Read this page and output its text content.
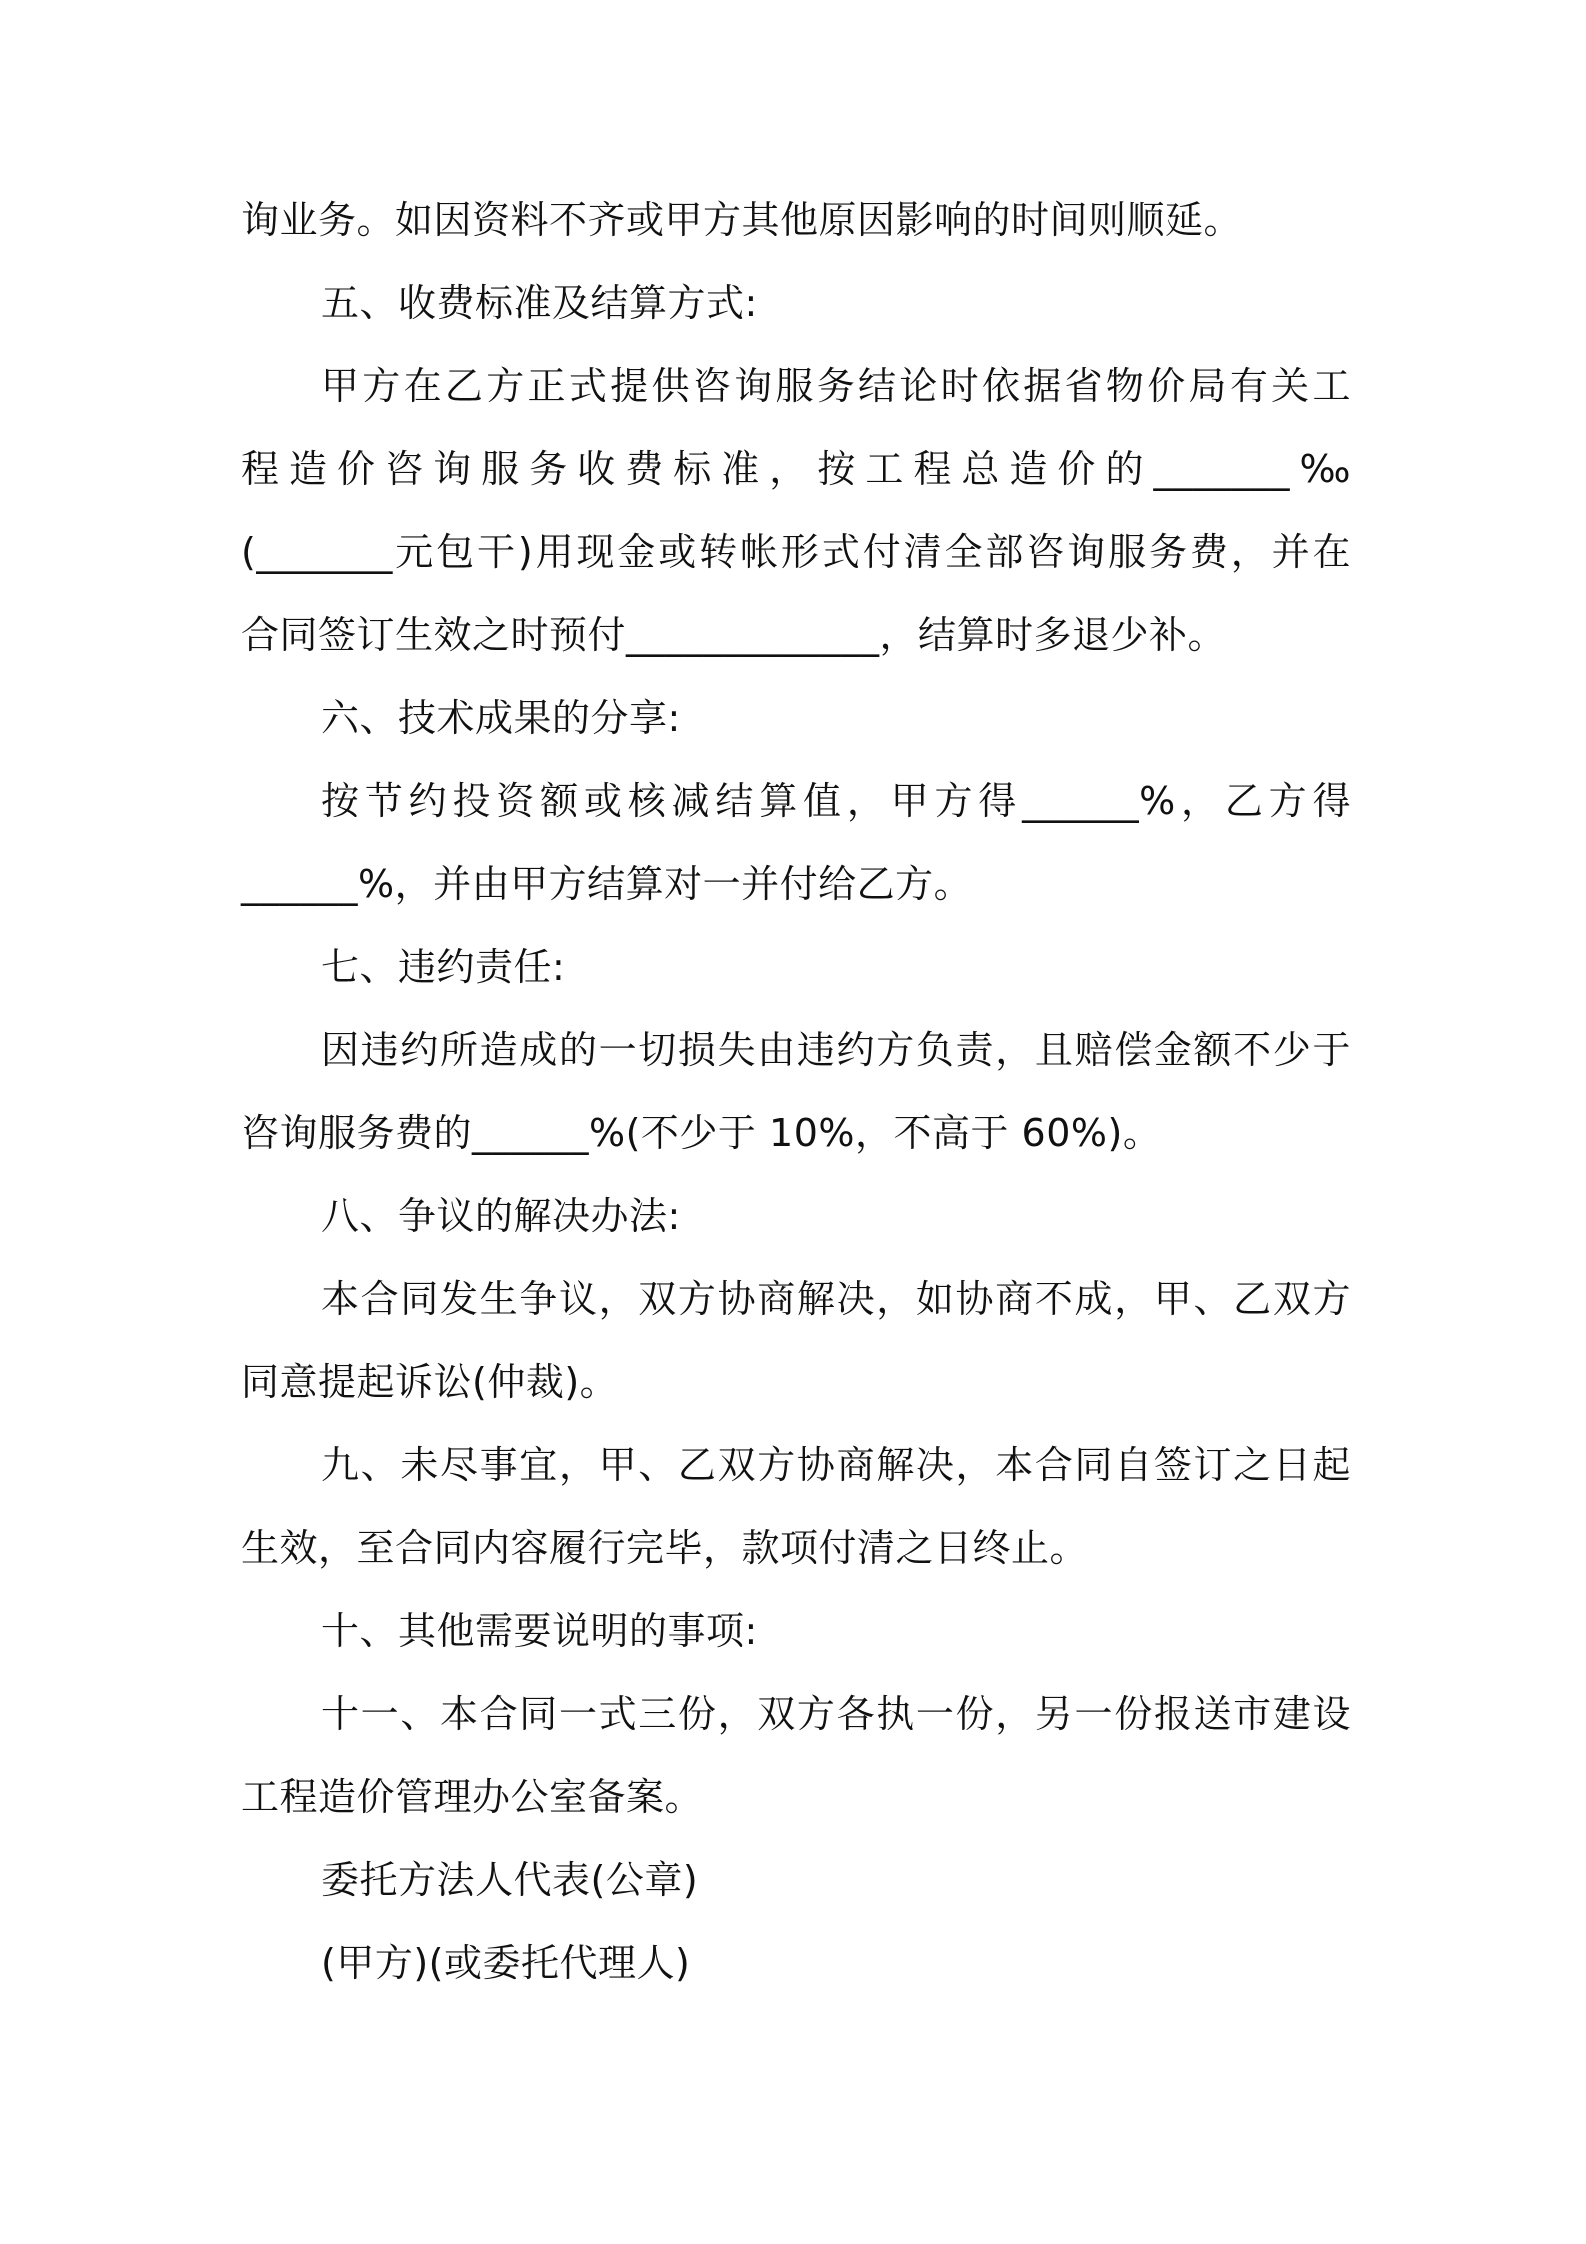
询业务。如因资料不齐或甲方其他原因影响的时间则顺延。
五、收费标准及结算方式:
甲方在乙方正式提供咨询服务结论时依据省物价局有关工
程造价咨询服务收费标准，按工程总造价的_______‰
(_______元包干)用现金或转帐形式付清全部咨询服务费，并在
合同签订生效之时预付_____________，结算时多退少补。
六、技术成果的分享:
按节约投资额或核减结算值，甲方得______%，乙方得
______%，并由甲方结算对一并付给乙方。
七、违约责任:
因违约所造成的一切损失由违约方负责，且赔偿金额不少于
咨询服务费的______%(不少于 10%，不高于 60%)。
八、争议的解决办法:
本合同发生争议，双方协商解决，如协商不成，甲、乙双方
同意提起诉讼(仲裁)。
九、未尽事宜，甲、乙双方协商解决，本合同自签订之日起
生效，至合同内容履行完毕，款项付清之日终止。
十、其他需要说明的事项:
十一、本合同一式三份，双方各执一份，另一份报送市建设
工程造价管理办公室备案。
委托方法人代表(公章)
(甲方)(或委托代理人)
